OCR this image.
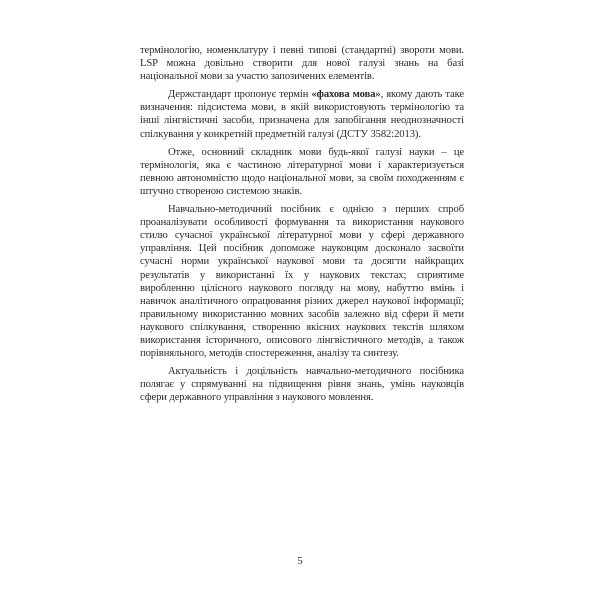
термінологію, номенклатуру і певні типові (стандартні) звороти мови. LSP можна довільно створити для нової галузі знань на базі національної мови за участю запозичених елементів.

Держстандарт пропонує термін «фахова мова», якому дають таке визначення: підсистема мови, в якій використовують термінологію та інші лінгвістичні засоби, призначена для запобігання неоднозначності спілкування у конкретній предметній галузі (ДСТУ 3582:2013).

Отже, основний складник мови будь-якої галузі науки – це термінологія, яка є частиною літературної мови і характеризується певною автономністю щодо національної мови, за своїм походженням є штучно створеною системою знаків.

Навчально-методичний посібник є однією з перших спроб проаналізувати особливості формування та використання наукового стилю сучасної української літературної мови у сфері державного управління. Цей посібник допоможе науковцям досконало засвоїти сучасні норми української наукової мови та досягти найкращих результатів у використанні їх у наукових текстах; сприятиме виробленню цілісного наукового погляду на мову, набуттю вмінь і навичок аналітичного опрацювання різних джерел наукової інформації; правильному використанню мовних засобів залежно від сфери й мети наукового спілкування, створенню якісних наукових текстів шляхом використання історичного, описового лінгвістичного методів, а також порівняльного, методів спостереження, аналізу та синтезу.

Актуальність і доцільність навчально-методичного посібника полягає у спрямуванні на підвищення рівня знань, умінь науковців сфери державного управління з наукового мовлення.

5
